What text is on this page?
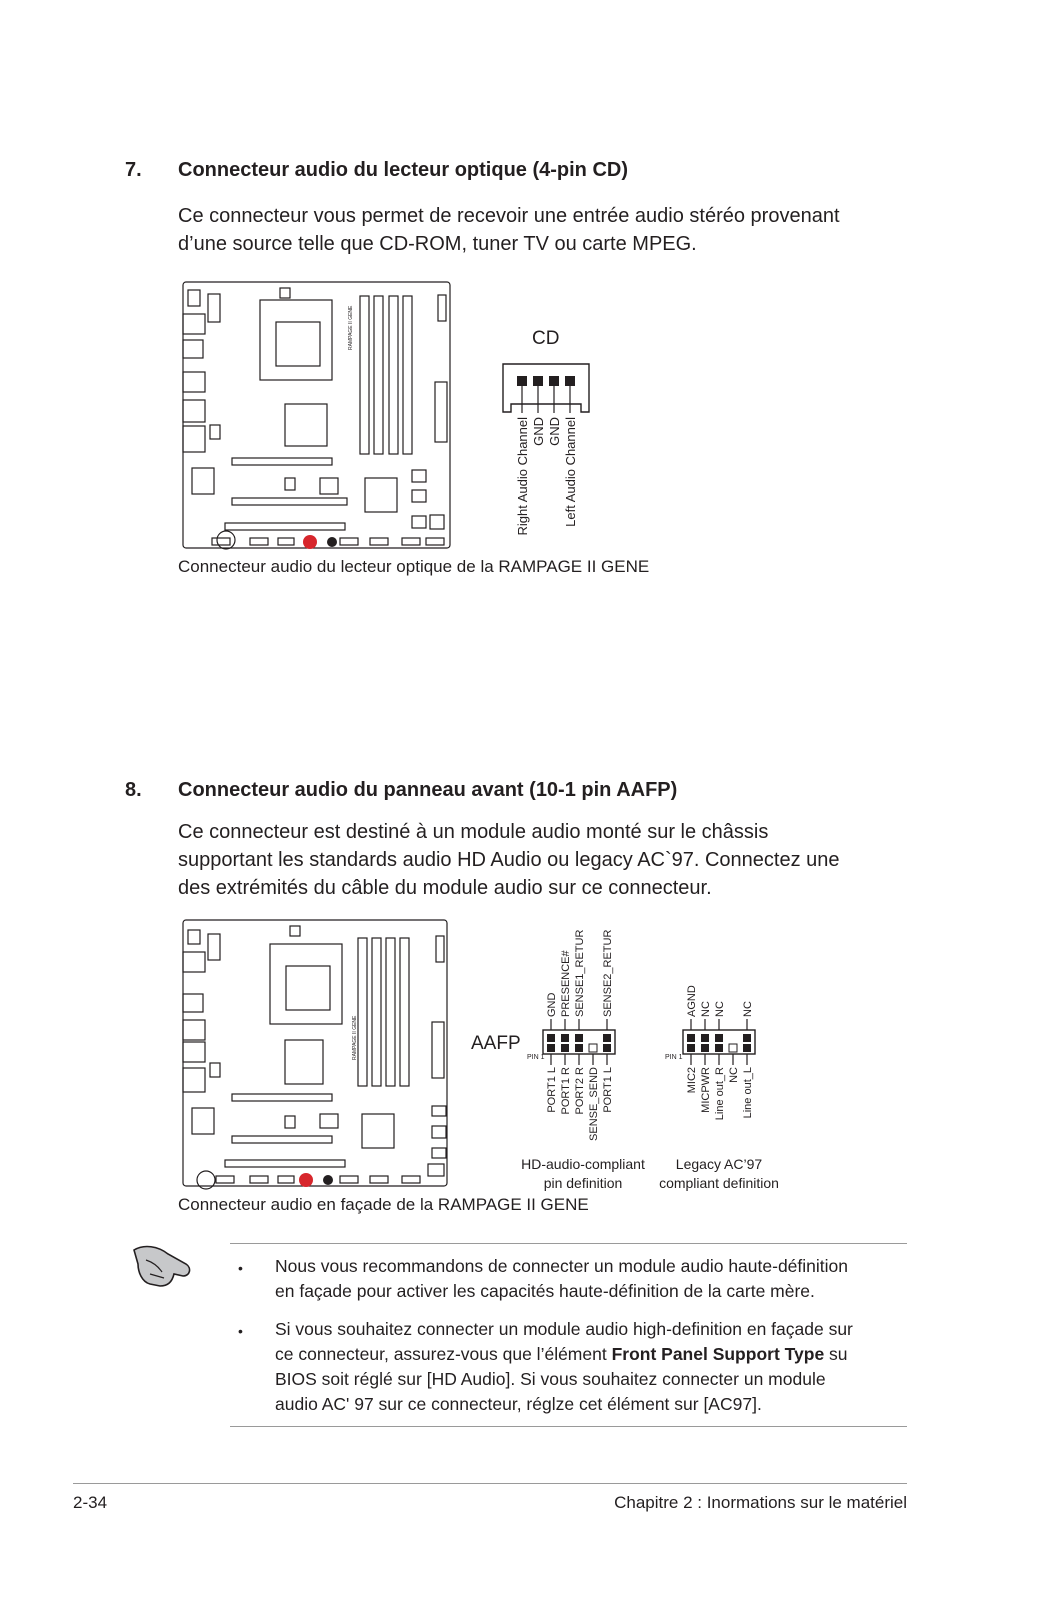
7. Connecteur audio du lecteur optique (4-pin CD)
Ce connecteur vous permet de recevoir une entrée audio stéréo provenant
d’une source telle que CD-ROM, tuner TV ou carte MPEG.
RAMPAGE II GENE	CD
Right Audio Channel GND GND Left Audio Channel
Connecteur audio du lecteur optique de la RAMPAGE II GENE
8. Connecteur audio du panneau avant (10-1 pin AAFP)
Ce connecteur est destiné à un module audio monté sur le châssis
supportant les standards audio HD Audio ou legacy AC`97. Connectez une
des extrémités du câble du module audio sur ce connecteur.
RAMPAGE II GENE	AAFP
PIN 1
GND PRESENCE# SENSE1_RETUR SENSE2_RETUR
PORT1 L PORT1 R PORT2 R SENSE_SEND PORT1 L
PIN 1
AGND NC NC NC
MIC2 MICPWR Line out_R NC Line out_L
HD-audio-compliant
pin definition
Legacy AC’97
compliant definition
Connecteur audio en façade de la RAMPAGE II GENE
• Nous vous recommandons de connecter un module audio haute-définition
en façade pour activer les capacités haute-définition de la carte mère.
• Si vous souhaitez connecter un module audio high-definition en façade sur
ce connecteur, assurez-vous que l’élément Front Panel Support Type su
BIOS soit réglé sur [HD Audio]. Si vous souhaitez connecter un module
audio AC' 97 sur ce connecteur, réglze cet élément sur [AC97].
2-34	Chapitre 2 : Inormations sur le matériel
